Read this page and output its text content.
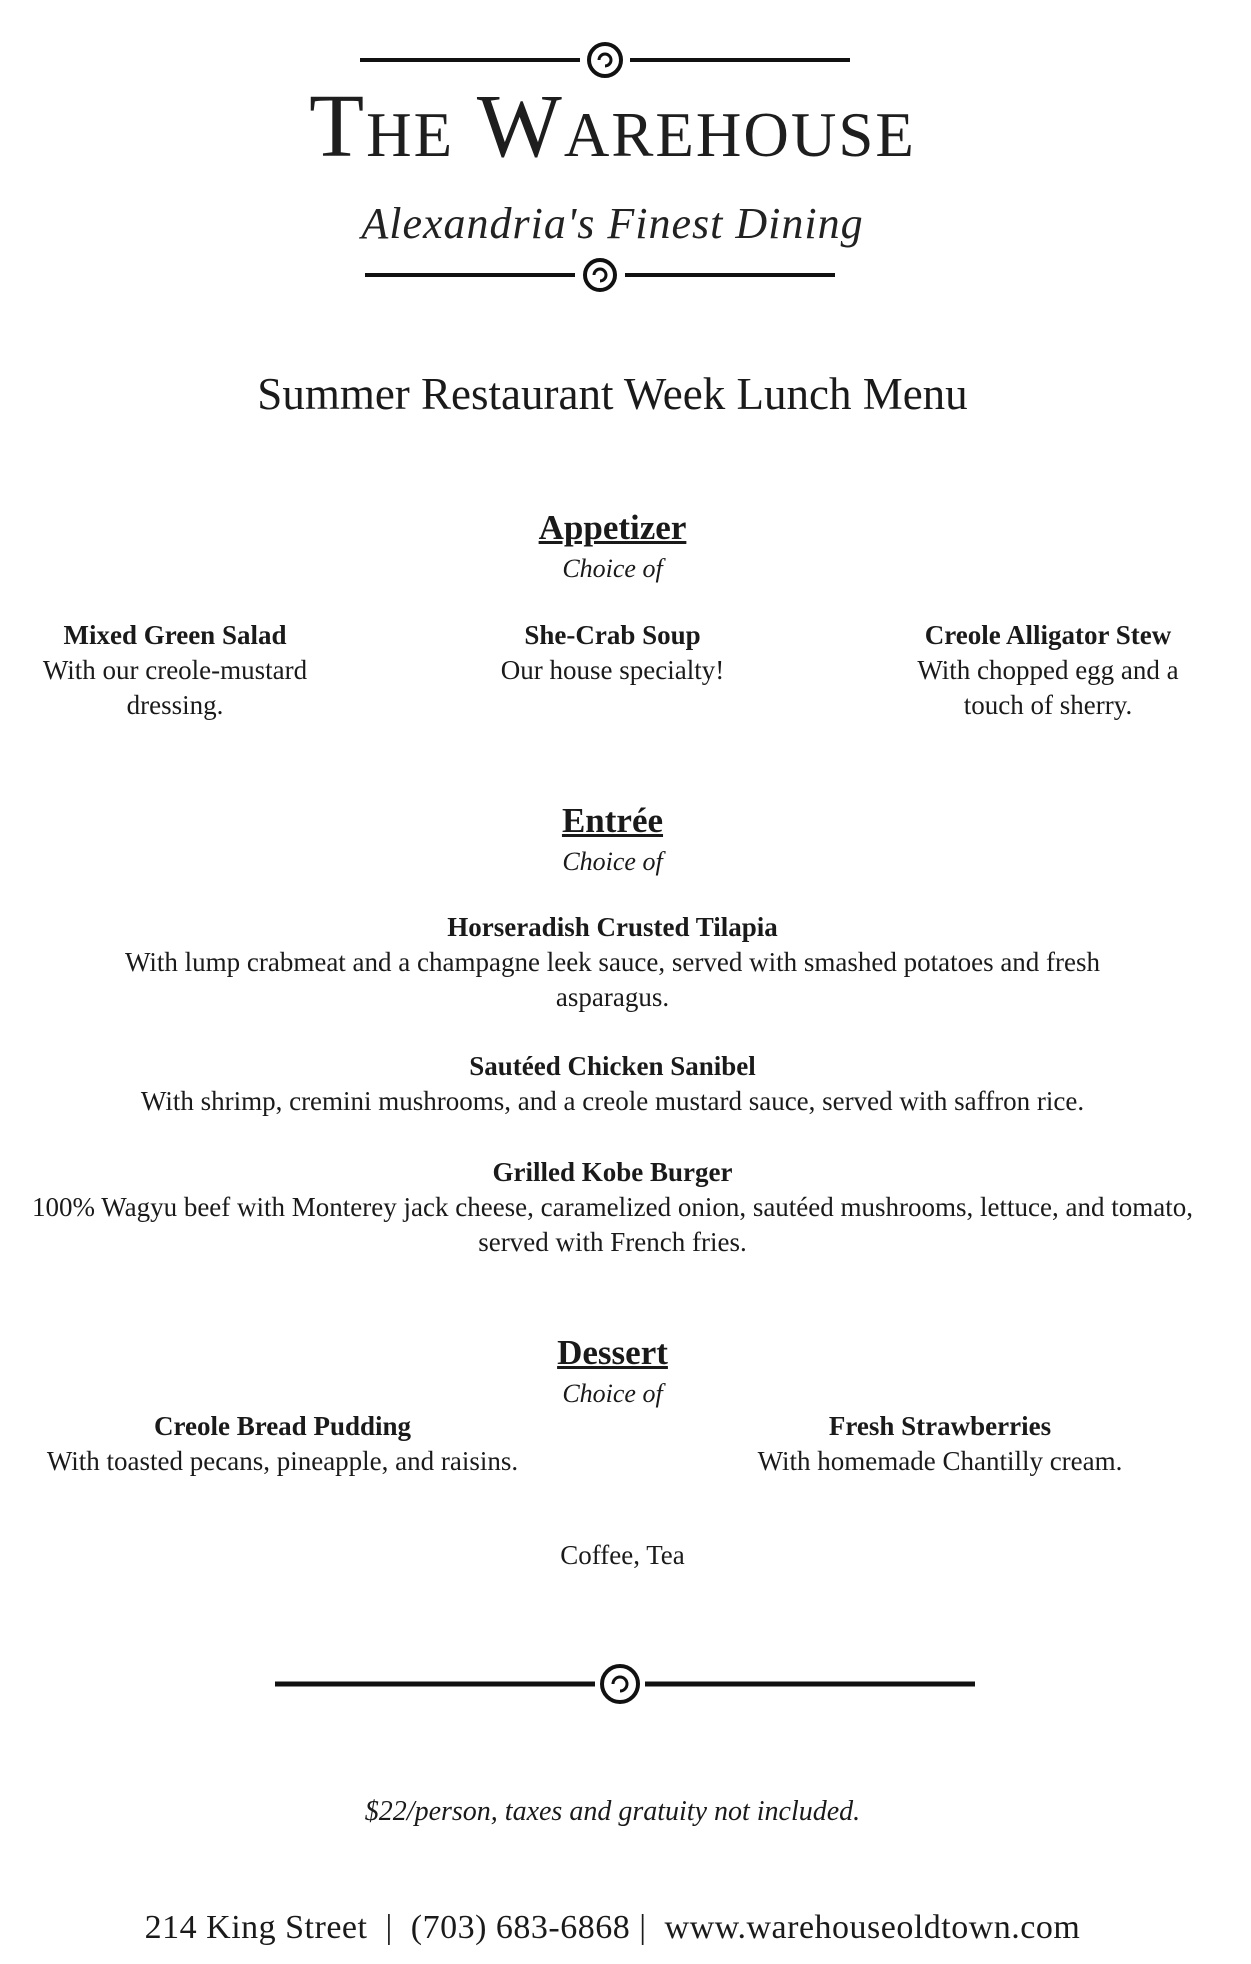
The Warehouse
Alexandria's Finest Dining
Summer Restaurant Week Lunch Menu
Appetizer
Choice of
Mixed Green Salad
With our creole-mustard dressing.
She-Crab Soup
Our house specialty!
Creole Alligator Stew
With chopped egg and a touch of sherry.
Entrée
Choice of
Horseradish Crusted Tilapia
With lump crabmeat and a champagne leek sauce, served with smashed potatoes and fresh asparagus.
Sautéed Chicken Sanibel
With shrimp, cremini mushrooms, and a creole mustard sauce, served with saffron rice.
Grilled Kobe Burger
100% Wagyu beef with Monterey jack cheese, caramelized onion, sautéed mushrooms, lettuce, and tomato, served with French fries.
Dessert
Choice of
Creole Bread Pudding
With toasted pecans, pineapple, and raisins.
Fresh Strawberries
With homemade Chantilly cream.
Coffee, Tea
$22/person, taxes and gratuity not included.
214 King Street  |  (703) 683-6868 |  www.warehouseoldtown.com
